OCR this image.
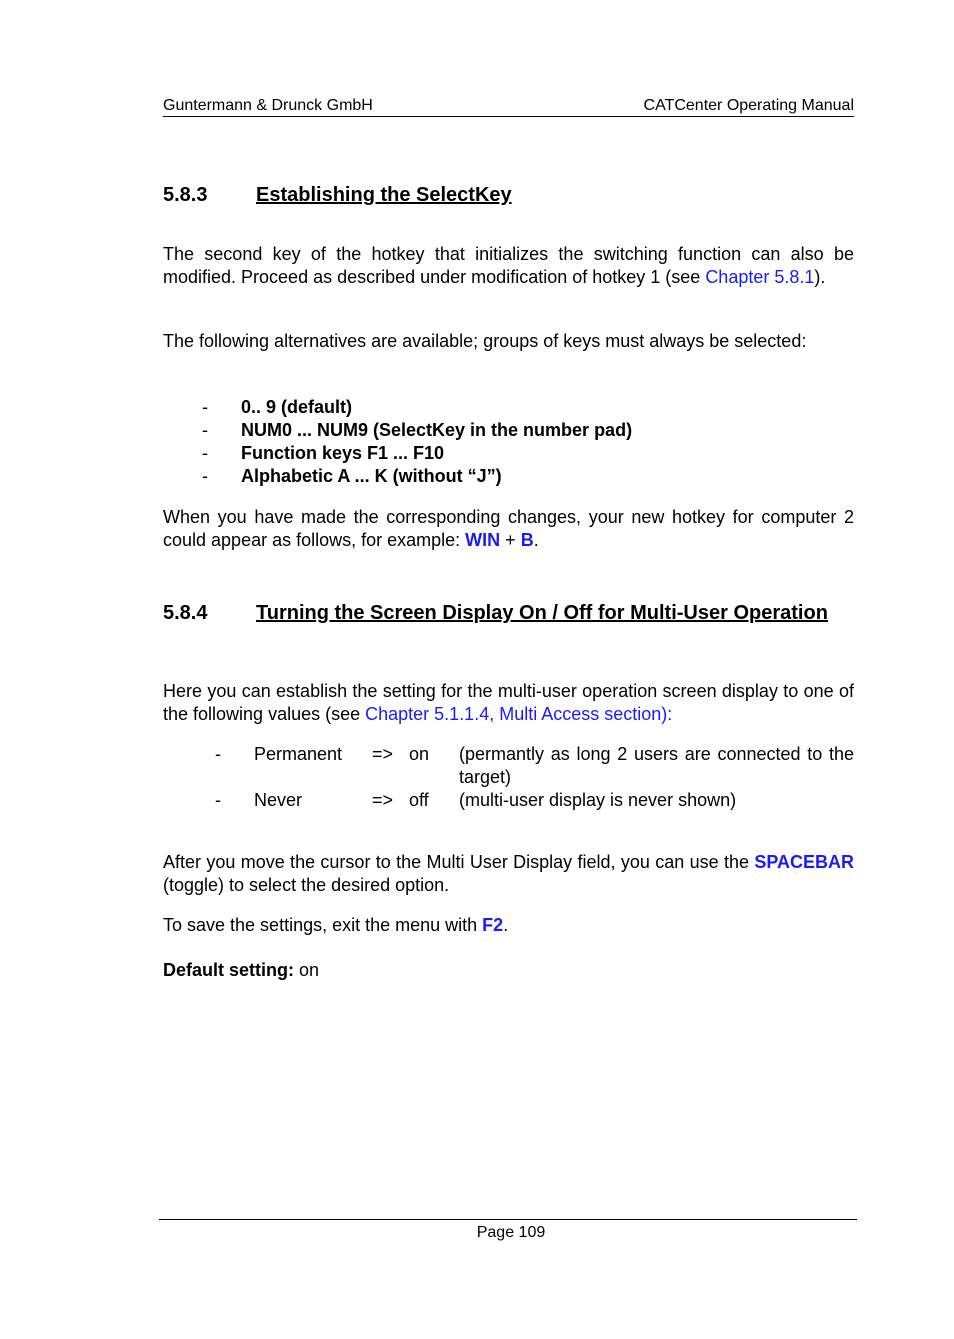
Guntermann & Drunck GmbH	CATCenter Operating Manual
5.8.3 Establishing the SelectKey

The second key of the hotkey that initializes the switching function can also be modified. Proceed as described under modification of hotkey 1 (see Chapter 5.8.1).

The following alternatives are available; groups of keys must always be selected:

- 0.. 9 (default)
- NUM0 ... NUM9 (SelectKey in the number pad)
- Function keys F1 ... F10
- Alphabetic A ... K (without “J”)

When you have made the corresponding changes, your new hotkey for computer 2 could appear as follows, for example: WIN + B.

5.8.4 Turning the Screen Display On / Off for Multi-User Operation

Here you can establish the setting for the multi-user operation screen display to one of the following values (see Chapter 5.1.1.4, Multi Access section):

- Permanent => on (permantly as long 2 users are connected to the target)
- Never	=> off (multi-user display is never shown)

After you move the cursor to the Multi User Display field, you can use the SPACEBAR (toggle) to select the desired option.

To save the settings, exit the menu with F2.

Default setting: on

Page 109
